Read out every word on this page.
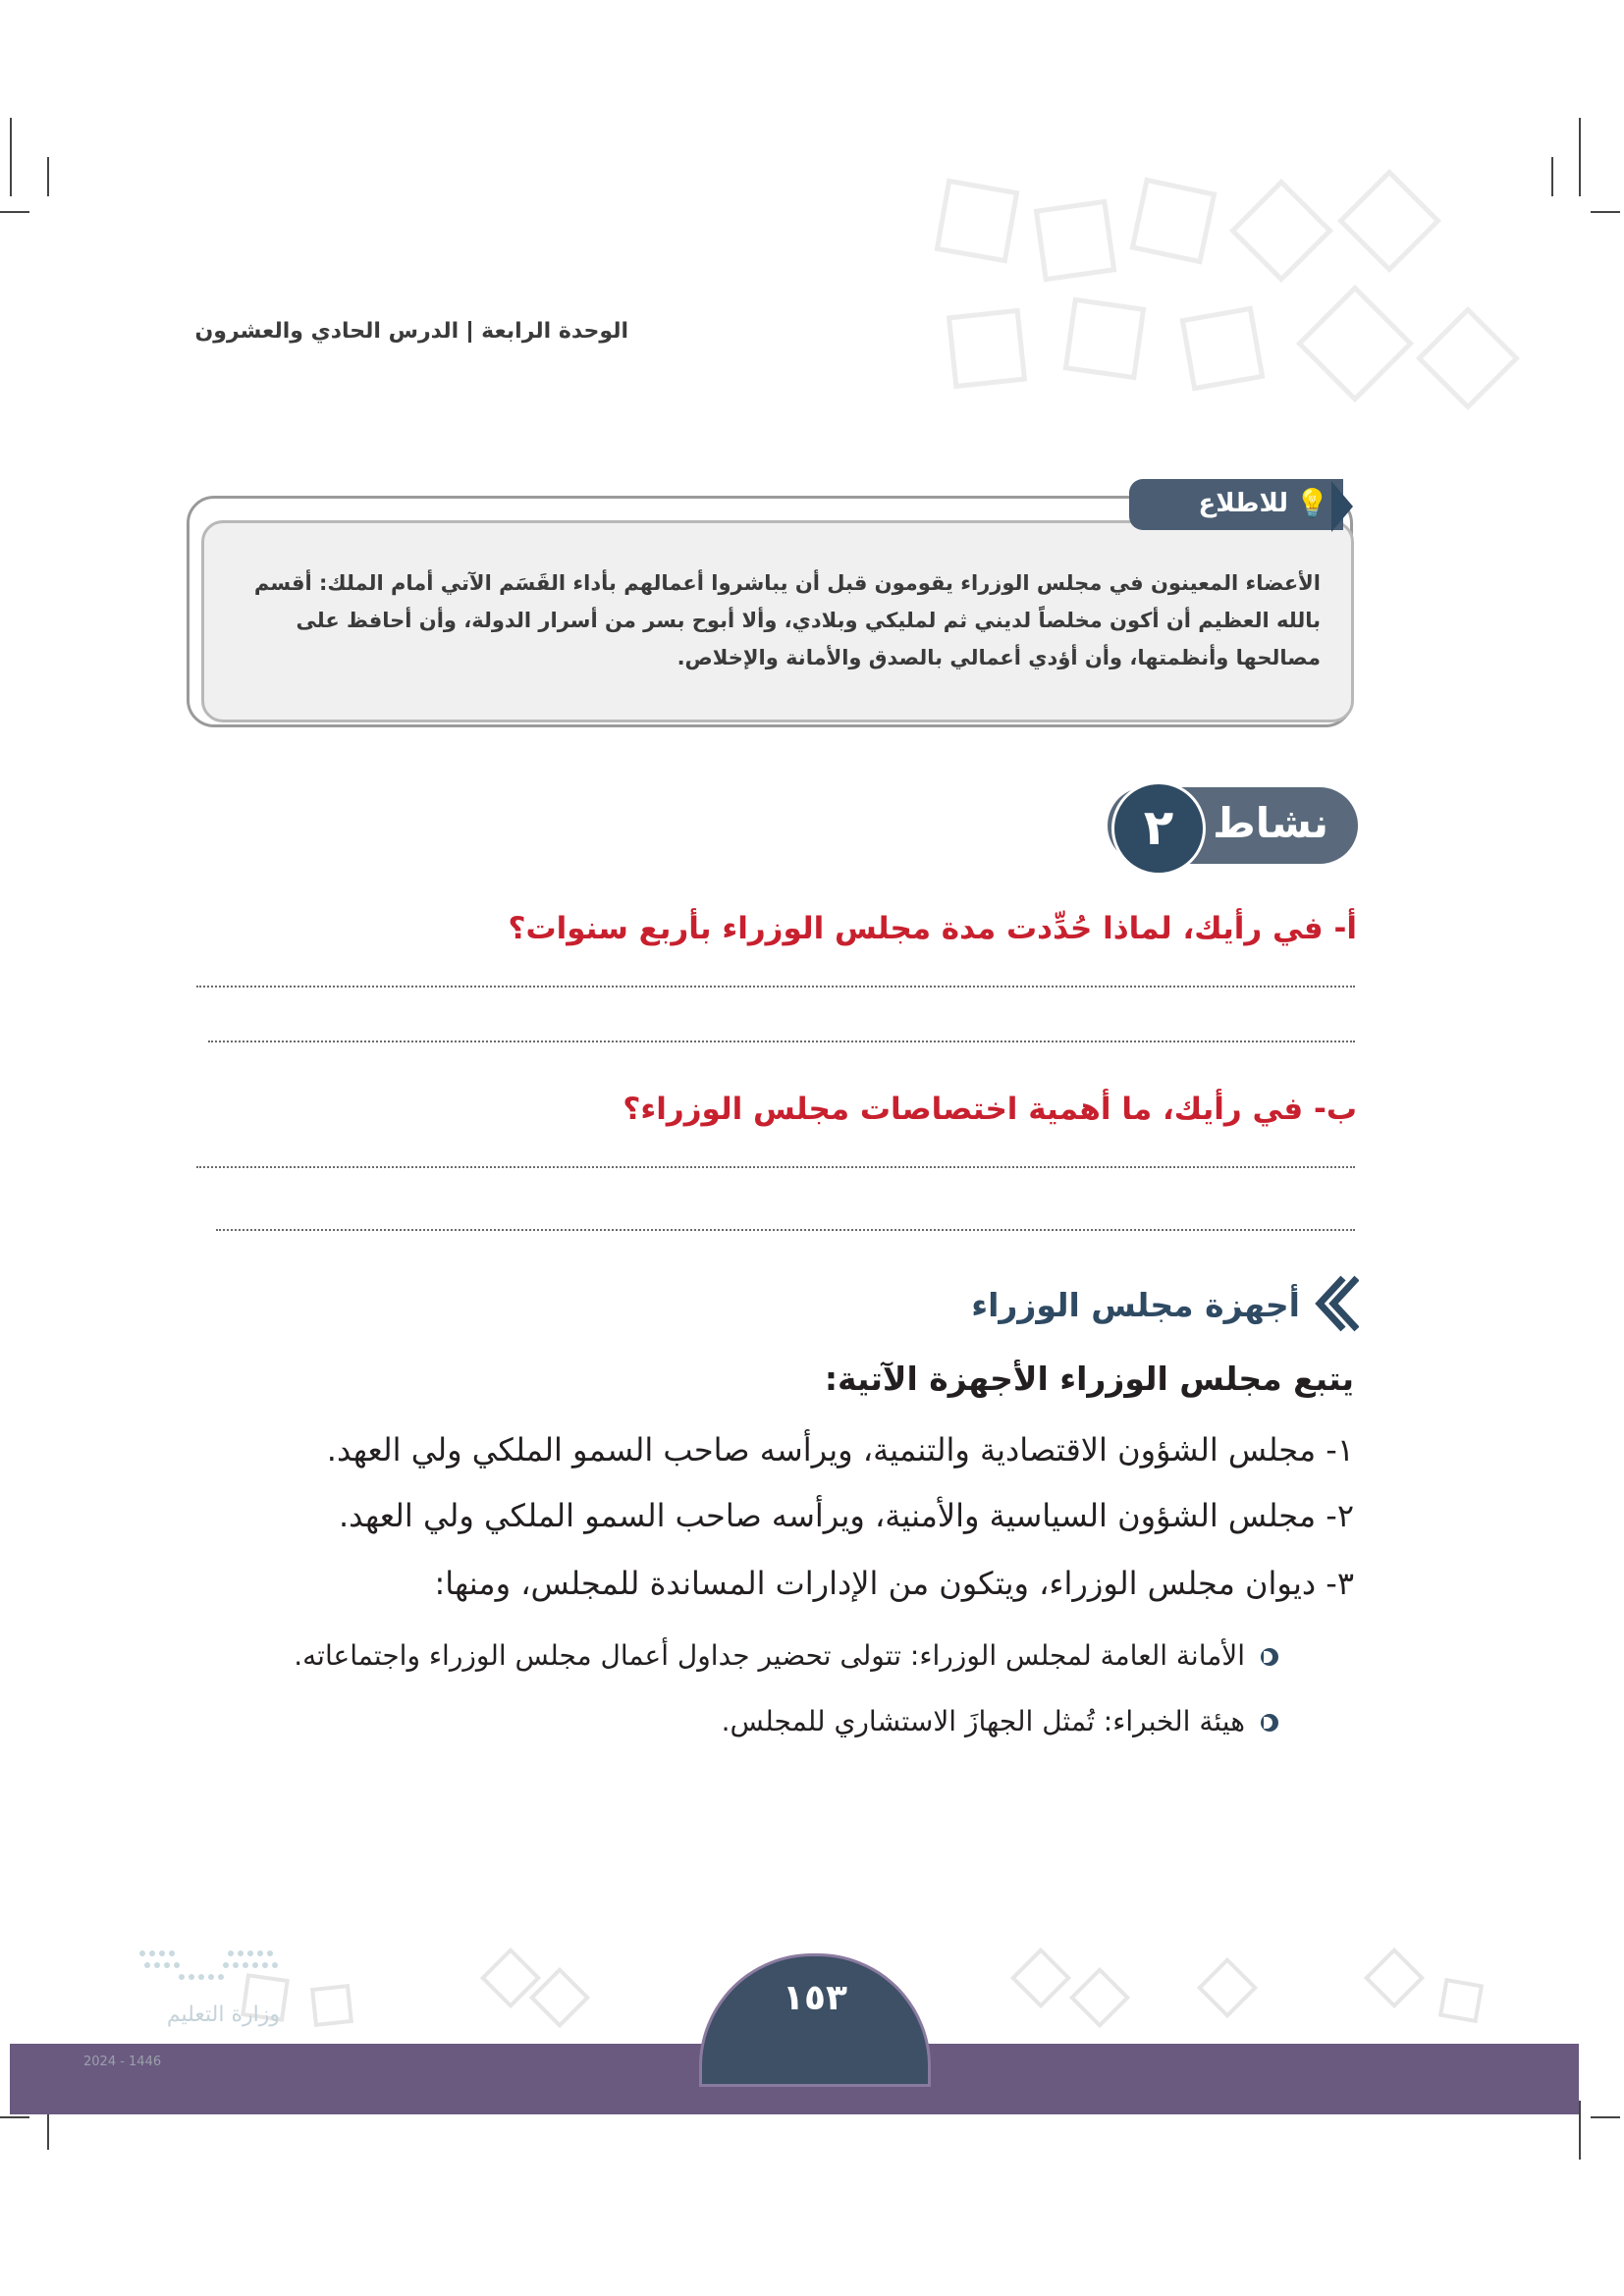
الوحدة الرابعةالدرس الحادي والعشرون
💡
للاطلاع
الأعضاء المعينون في مجلس الوزراء يقومون قبل أن يباشروا أعمالهم بأداء القَسَم الآتي أمام الملك: أقسم بالله العظيم أن أكون مخلصاً لديني ثم لمليكي وبلادي، وألا أبوح بسر من أسرار الدولة، وأن أحافظ على مصالحها وأنظمتها، وأن أؤدي أعمالي بالصدق والأمانة والإخلاص.
نشاط
٢
أ- في رأيك، لماذا حُدِّدت مدة مجلس الوزراء بأربع سنوات؟
ب- في رأيك، ما أهمية اختصاصات مجلس الوزراء؟
أجهزة مجلس الوزراء
يتبع مجلس الوزراء الأجهزة الآتية:
١- مجلس الشؤون الاقتصادية والتنمية، ويرأسه صاحب السمو الملكي ولي العهد.
٢- مجلس الشؤون السياسية والأمنية، ويرأسه صاحب السمو الملكي ولي العهد.
٣- ديوان مجلس الوزراء، ويتكون من الإدارات المساندة للمجلس، ومنها:
الأمانة العامة لمجلس الوزراء: تتولى تحضير جداول أعمال مجلس الوزراء واجتماعاته.
هيئة الخبراء: تُمثل الجهازَ الاستشاري للمجلس.
١٥٣
وزارة التعليم
2024 - 1446
